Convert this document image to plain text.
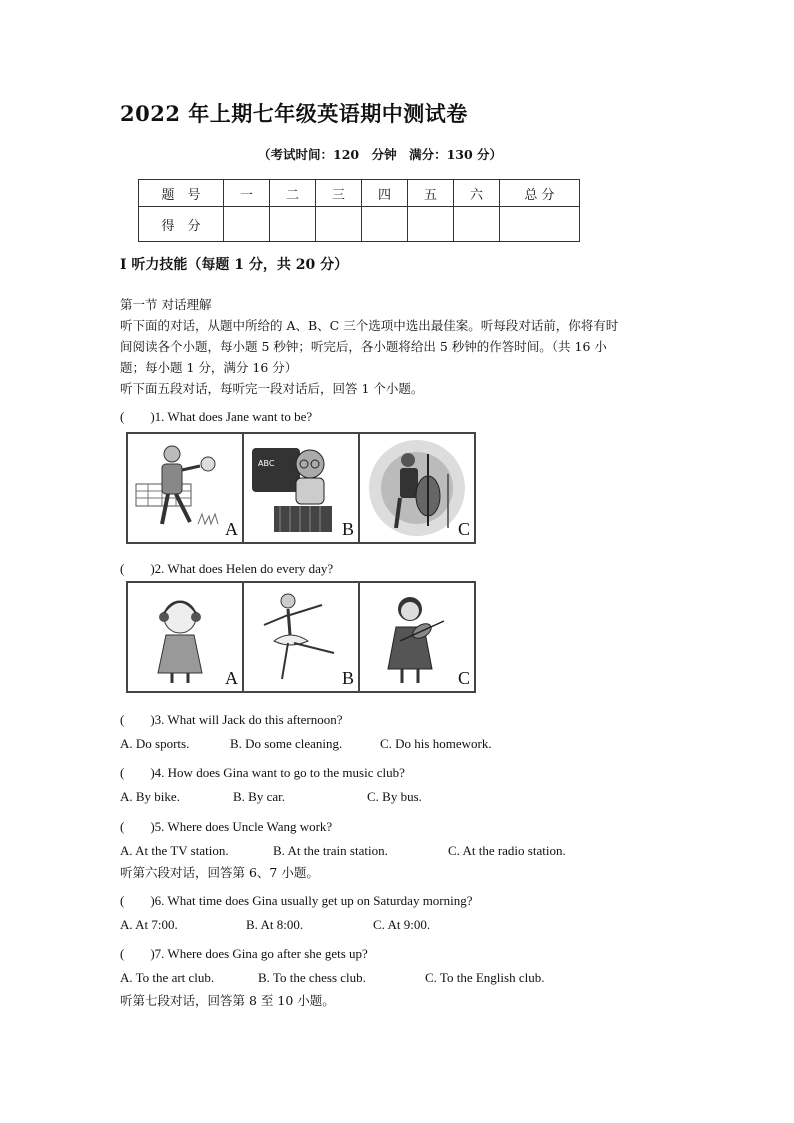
2022 年上期七年级英语期中测试卷
（考试时间：120　分钟　满分：130 分）
题　号	一	二	三	四	五	六	总 分
得　分							
Ⅰ 听力技能（每题 1 分，共 20 分）
第一节 对话理解
听下面的对话，从题中所给的 A、B、C 三个选项中选出最佳案。听每段对话前，你将有时
间阅读各个小题，每小题 5 秒钟；听完后，各小题将给出 5 秒钟的作答时间。（共 16 小
题；每小题 1 分，满分 16 分）
听下面五段对话，每听完一段对话后，回答 1 个小题。
(　　)1. What does Jane want to be?
A
ABC
B	C
(　　)2. What does Helen do every day?
A	B	C
(　　)3. What will Jack do this afternoon?
A. Do sports.	B. Do some cleaning.	C. Do his homework.
(　　)4. How does Gina want to go to the music club?
A. By bike.	B. By car.	C. By bus.
(　　)5. Where does Uncle Wang work?
A. At the TV station.	B. At the train station.	C. At the radio station.
听第六段对话，回答第 6、7 小题。
(　　)6. What time does Gina usually get up on Saturday morning?
A. At 7:00.	B. At 8:00.	C. At 9:00.
(　　)7. Where does Gina go after she gets up?
A. To the art club.	B. To the chess club.	C. To the English club.
听第七段对话，回答第 8 至 10 小题。
